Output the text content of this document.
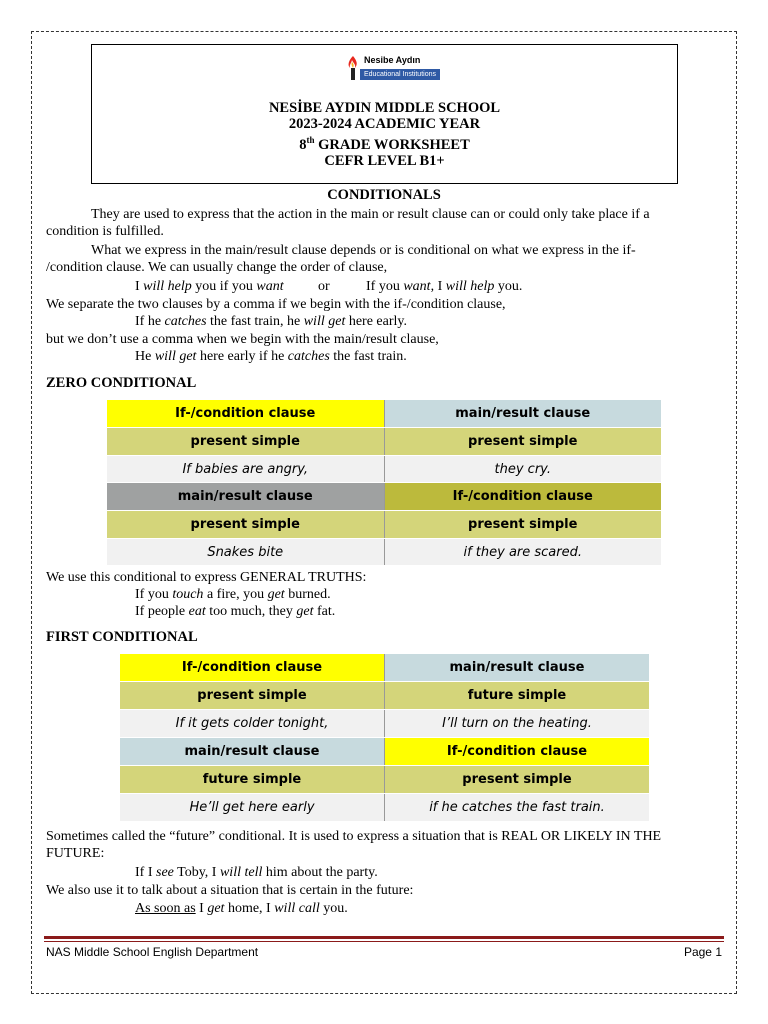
Nesibe Aydın
Educational Institutions
NESİBE AYDIN MIDDLE SCHOOL
2023-2024 ACADEMIC YEAR
8th GRADE WORKSHEET
CEFR LEVEL B1+
CONDITIONALS
They are used to express that the action in the main or result clause can or could only take place if a
condition is fulfilled.
What we express in the main/result clause depends or is conditional on what we express in the if-
/condition clause. We can usually change the order of clause,
I will help you if you want or	If you want, I will help you.
We separate the two clauses by a comma if we begin with the if-/condition clause,
If he catches the fast train, he will get here early.
but we don’t use a comma when we begin with the main/result clause,
He will get here early if he catches the fast train.
ZERO CONDITIONAL
If-/condition clause	main/result clause
present simple	present simple
If babies are angry,	they cry.
main/result clause	If-/condition clause
present simple	present simple
Snakes bite	if they are scared.
We use this conditional to express GENERAL TRUTHS:
If you touch a fire, you get burned.
If people eat too much, they get fat.
FIRST CONDITIONAL
If-/condition clause	main/result clause
present simple	future simple
If it gets colder tonight,	I’ll turn on the heating.
main/result clause	If-/condition clause
future simple	present simple
He’ll get here early	if he catches the fast train.
Sometimes called the “future” conditional. It is used to express a situation that is REAL OR LIKELY IN THE
FUTURE:
If I see Toby, I will tell him about the party.
We also use it to talk about a situation that is certain in the future:
As soon as I get home, I will call you.
NAS Middle School English Department	Page 1
